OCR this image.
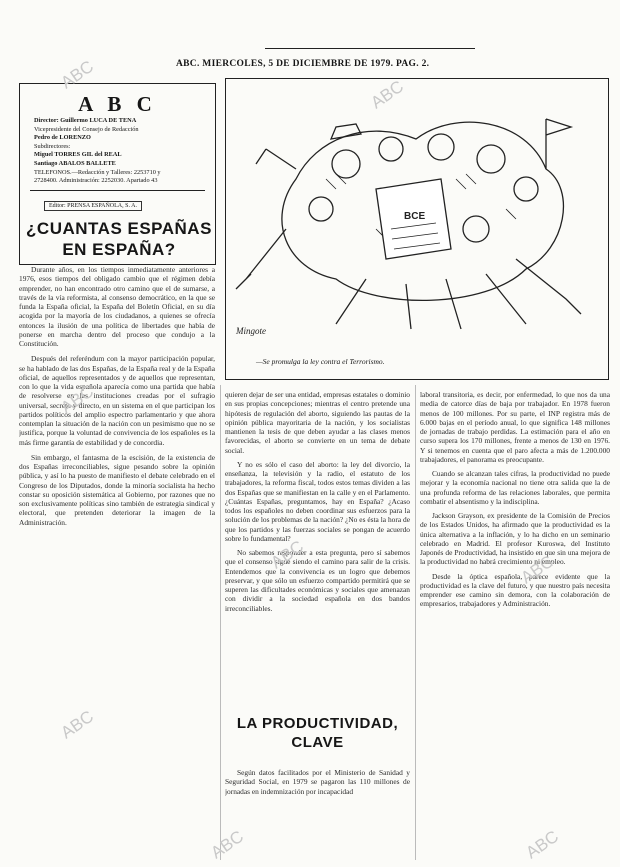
ABC. MIERCOLES, 5 DE DICIEMBRE DE 1979. PAG. 2.
A B C
Director: Guillermo LUCA DE TENA
Vicepresidente del Consejo de Redacción
Pedro de LORENZO
Subdirectores:
Miguel TORRES GIL del REAL
Santiago ABALOS BALLETE
TELEFONOS.—Redacción y Talleres: 2253710 y
2728400. Administración: 2252030. Apartado 43
Editor: PRENSA ESPAÑOLA, S. A.
¿CUANTAS ESPAÑAS
EN ESPAÑA?

Durante años, en los tiempos inmediatamente anteriores a 1976, esos tiempos del obligado cambio que el régimen debía emprender, no han encontrado otro camino que el de sumarse, a través de la vía reformista, al consenso democrático, en la que se funda la España oficial, la España del Boletín Oficial, en su día acogida por la mayoría de los ciudadanos, a quienes se ofrecía entonces la ilusión de una política de libertades que había de ponerse en marcha dentro del proceso que condujo a la Constitución.

Después del referéndum con la mayor participación popular, se ha hablado de las dos Españas, de la España real y de la España oficial, de aquellos representados y de aquellos que representan, con lo que la vida española aparecía como una partida que había de resolverse en las instituciones creadas por el sufragio universal, secreto y directo, en un sistema en el que participan los partidos políticos del amplio espectro parlamentario y que ahora contemplan la situación de la nación con un pesimismo que no se justifica, porque la voluntad de convivencia de los españoles es la más firme garantía de estabilidad y de concordia.

Sin embargo, el fantasma de la escisión, de la existencia de dos Españas irreconciliables, sigue pesando sobre la opinión pública, y así lo ha puesto de manifiesto el debate celebrado en el Congreso de los Diputados, donde la minoría socialista ha hecho constar su oposición sistemática al Gobierno, por razones que no son exclusivamente políticas sino también de estrategia sindical y electoral, que pretenden deteriorar la imagen de la Administración.

BCE
Mingote
—Se promulga la ley contra el Terrorismo.

quieren dejar de ser una entidad, empresas estatales o dominio en sus propias concepciones; mientras el centro pretende una hipótesis de regulación del aborto, siguiendo las pautas de la opinión pública mayoritaria de la nación, y los socialistas mantienen la tesis de que deben ayudar a las clases menos favorecidas, el aborto se convierte en un tema de debate social.

Y no es sólo el caso del aborto: la ley del divorcio, la enseñanza, la televisión y la radio, el estatuto de los trabajadores, la reforma fiscal, todos estos temas dividen a las dos Españas que se manifiestan en la calle y en el Parlamento. ¿Cuántas Españas, preguntamos, hay en España? ¿Acaso todos los españoles no deben coordinar sus esfuerzos para la solución de los problemas de la nación? ¿No es ésta la hora de que los partidos y las fuerzas sociales se pongan de acuerdo sobre lo fundamental?

No sabemos responder a esta pregunta, pero sí sabemos que el consenso sigue siendo el camino para salir de la crisis. Entendemos que la convivencia es un logro que debemos preservar, y que sólo un esfuerzo compartido permitirá que se superen las dificultades económicas y sociales que amenazan con dividir a la sociedad española en dos bandos irreconciliables.

LA PRODUCTIVIDAD,
CLAVE

Según datos facilitados por el Ministerio de Sanidad y Seguridad Social, en 1979 se pagaron las 110 millones de jornadas en indemnización por incapacidad

laboral transitoria, es decir, por enfermedad, lo que nos da una media de catorce días de baja por trabajador. En 1978 fueron menos de 100 millones. Por su parte, el INP registra más de 6.000 bajas en el período anual, lo que significa 148 millones de jornadas de trabajo perdidas. La estimación para el año en curso supera los 170 millones, frente a menos de 130 en 1976. Y si tenemos en cuenta que el paro afecta a más de 1.200.000 trabajadores, el panorama es preocupante.

Cuando se alcanzan tales cifras, la productividad no puede mejorar y la economía nacional no tiene otra salida que la de una profunda reforma de las relaciones laborales, que permita combatir el absentismo y la indisciplina.

Jackson Grayson, ex presidente de la Comisión de Precios de los Estados Unidos, ha afirmado que la productividad es la única alternativa a la inflación, y lo ha dicho en un seminario celebrado en Madrid. El profesor Kuroswa, del Instituto Japonés de Productividad, ha insistido en que sin una mejora de la productividad no habrá crecimiento ni empleo.

Desde la óptica española, parece evidente que la productividad es la clave del futuro, y que nuestro país necesita emprender ese camino sin demora, con la colaboración de empresarios, trabajadores y Administración.

ABC
ABC
ABC
ABC	ABC
ABC
ABC	ABC
